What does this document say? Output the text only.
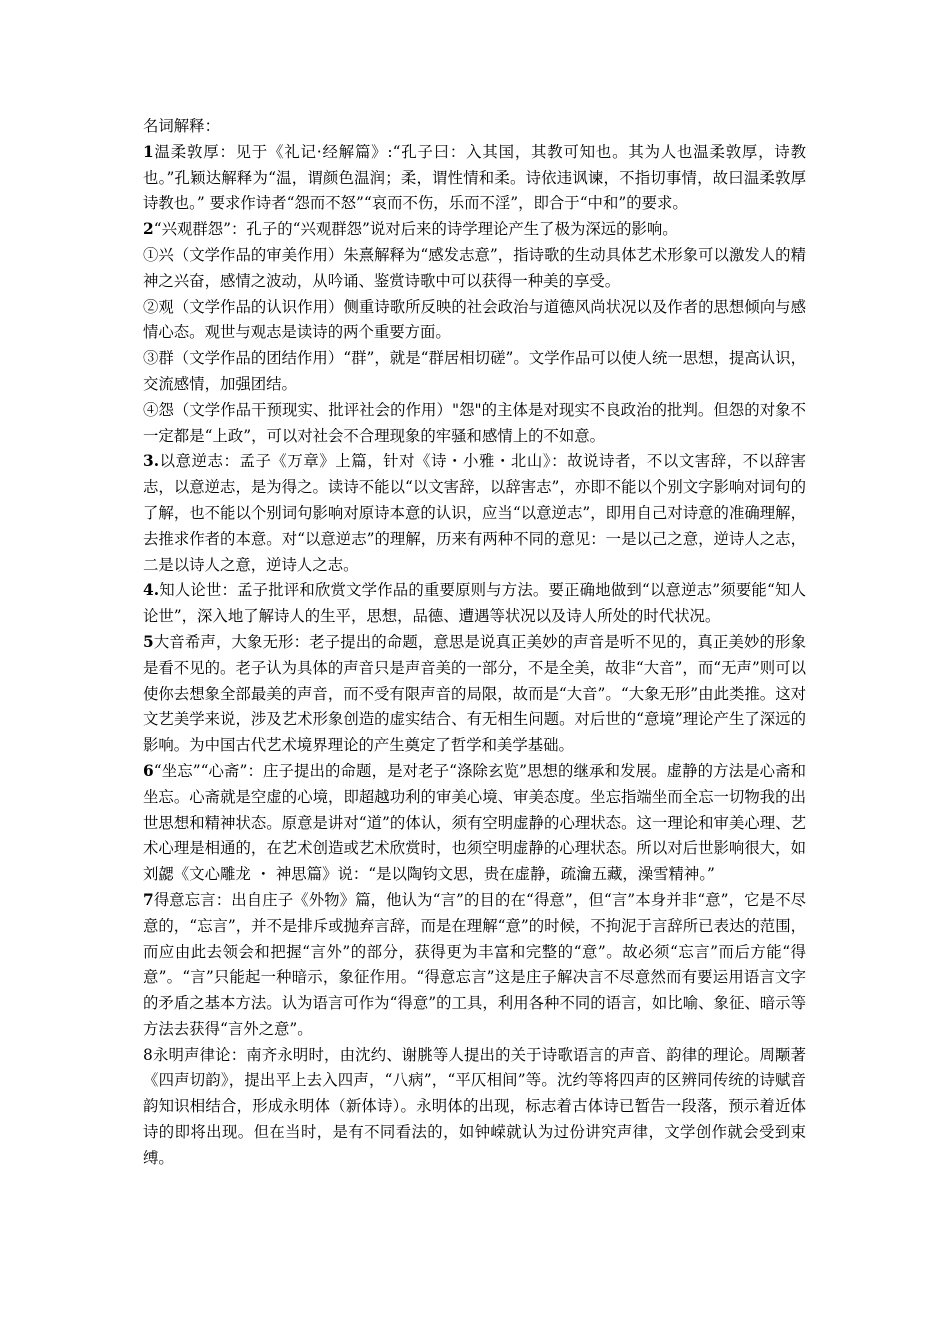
名词解释：

1温柔敦厚：见于《礼记·经解篇》:“孔子曰：入其国，其教可知也。其为人也温柔敦厚，诗教也。”孔颖达解释为“温，谓颜色温润；柔，谓性情和柔。诗依违讽谏，不指切事情，故曰温柔敦厚诗教也。” 要求作诗者“怨而不怒”“哀而不伤，乐而不淫”，即合于“中和”的要求。

2“兴观群怨”：孔子的“兴观群怨”说对后来的诗学理论产生了极为深远的影响。

①兴（文学作品的审美作用）朱熹解释为“感发志意”，指诗歌的生动具体艺术形象可以激发人的精神之兴奋，感情之波动，从吟诵、鉴赏诗歌中可以获得一种美的享受。

②观（文学作品的认识作用）侧重诗歌所反映的社会政治与道德风尚状况以及作者的思想倾向与感情心态。观世与观志是读诗的两个重要方面。

③群（文学作品的团结作用）“群”，就是“群居相切磋”。文学作品可以使人统一思想，提高认识，交流感情，加强团结。

④怨（文学作品干预现实、批评社会的作用）"怨"的主体是对现实不良政治的批判。但怨的对象不一定都是“上政”，可以对社会不合理现象的牢骚和感情上的不如意。

3.以意逆志：孟子《万章》上篇，针对《诗・小雅・北山》：故说诗者，不以文害辞，不以辞害志，以意逆志，是为得之。读诗不能以“以文害辞，以辞害志”，亦即不能以个别文字影响对词句的了解，也不能以个别词句影响对原诗本意的认识，应当“以意逆志”，即用自己对诗意的准确理解，去推求作者的本意。对“以意逆志”的理解，历来有两种不同的意见：一是以己之意，逆诗人之志，二是以诗人之意，逆诗人之志。

4.知人论世：孟子批评和欣赏文学作品的重要原则与方法。要正确地做到“以意逆志”须要能“知人论世”，深入地了解诗人的生平，思想，品德、遭遇等状况以及诗人所处的时代状况。

5大音希声，大象无形：老子提出的命题，意思是说真正美妙的声音是听不见的，真正美妙的形象是看不见的。老子认为具体的声音只是声音美的一部分，不是全美，故非“大音”，而“无声”则可以使你去想象全部最美的声音，而不受有限声音的局限，故而是“大音”。“大象无形”由此类推。这对文艺美学来说，涉及艺术形象创造的虚实结合、有无相生问题。对后世的“意境”理论产生了深远的影响。为中国古代艺术境界理论的产生奠定了哲学和美学基础。

6“坐忘”“心斋”：庄子提出的命题，是对老子“涤除玄览”思想的继承和发展。虚静的方法是心斋和坐忘。心斋就是空虚的心境，即超越功利的审美心境、审美态度。坐忘指端坐而全忘一切物我的出世思想和精神状态。原意是讲对“道”的体认，须有空明虚静的心理状态。这一理论和审美心理、艺术心理是相通的，在艺术创造或艺术欣赏时，也须空明虚静的心理状态。所以对后世影响很大，如刘勰《文心雕龙 ・ 神思篇》说：“是以陶钧文思，贵在虚静，疏瀹五藏，澡雪精神。”

7得意忘言：出自庄子《外物》篇，他认为“言”的目的在“得意”，但“言”本身并非“意”，它是不尽意的，“忘言”，并不是排斥或抛弃言辞，而是在理解“意”的时候，不拘泥于言辞所已表达的范围，而应由此去领会和把握“言外”的部分，获得更为丰富和完整的“意”。故必须“忘言”而后方能“得意”。“言”只能起一种暗示，象征作用。“得意忘言”这是庄子解决言不尽意然而有要运用语言文字的矛盾之基本方法。认为语言可作为“得意”的工具，利用各种不同的语言，如比喻、象征、暗示等方法去获得“言外之意”。

8永明声律论：南齐永明时，由沈约、谢朓等人提出的关于诗歌语言的声音、韵律的理论。周颙著《四声切韵》，提出平上去入四声，“八病”，“平仄相间”等。沈约等将四声的区辨同传统的诗赋音韵知识相结合，形成永明体（新体诗）。永明体的出现，标志着古体诗已暂告一段落，预示着近体诗的即将出现。但在当时，是有不同看法的，如钟嵘就认为过份讲究声律，文学创作就会受到束缚。
